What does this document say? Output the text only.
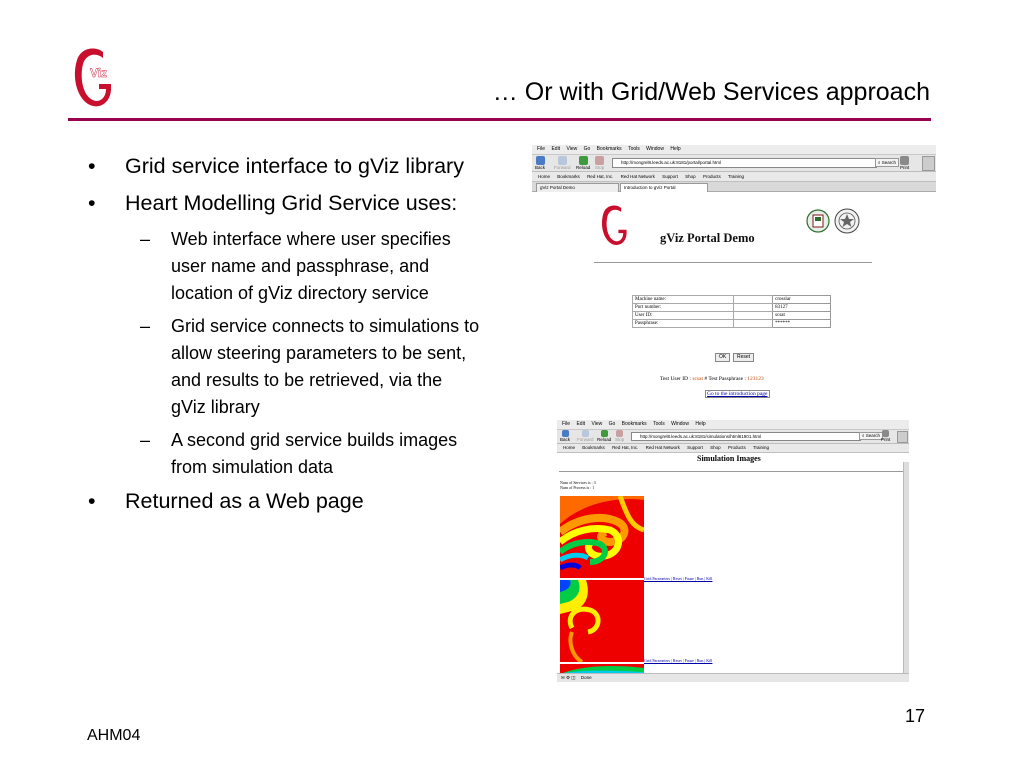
Viz
… Or with Grid/Web Services approach
• Grid service interface to gViz library
• Heart Modelling Grid Service uses:
– Web interface where user specifies user name and passphrase, and location of gViz directory service
– Grid service connects to simulations to allow steering parameters to be sent, and results to be retrieved, via the gViz library
– A second grid service builds images from simulation data
• Returned as a Web page
AHM04
17
File Edit View Go Bookmarks Tools Window Help
Back Forward Reload Stop
http://mongrel8.leeds.ac.uk:8181/portal/portal.html	⌕ Search
Print
Home Bookmarks Red Hat, Inc. Red Hat Network Support Shop Products Training
gViz Portal Demo	Introduction to gViz Portal
Viz
gViz Portal Demo
Machine name:		crosslar
Port number:		83127
User ID:		scsat
Passphrase:		******
OK	Reset
Test User ID : scsat # Test Passphrase : 123123
Go to the introduction page
File Edit View Go Bookmarks Tools Window Help
Back Forward Reload Stop
http://mongrel8.leeds.ac.uk:8181/simulations/html61901.html	⌕ Search
Print
Home Bookmarks Red Hat, Inc. Red Hat Network Support Shop Products Training
Simulation Images
Num of Services is : 3
Num of Process is : 1
Grid Parameters | Reset | Pause | Run | Kill
Grid Parameters | Reset | Pause | Run | Kill
✉ ⚙ ◫ Done
